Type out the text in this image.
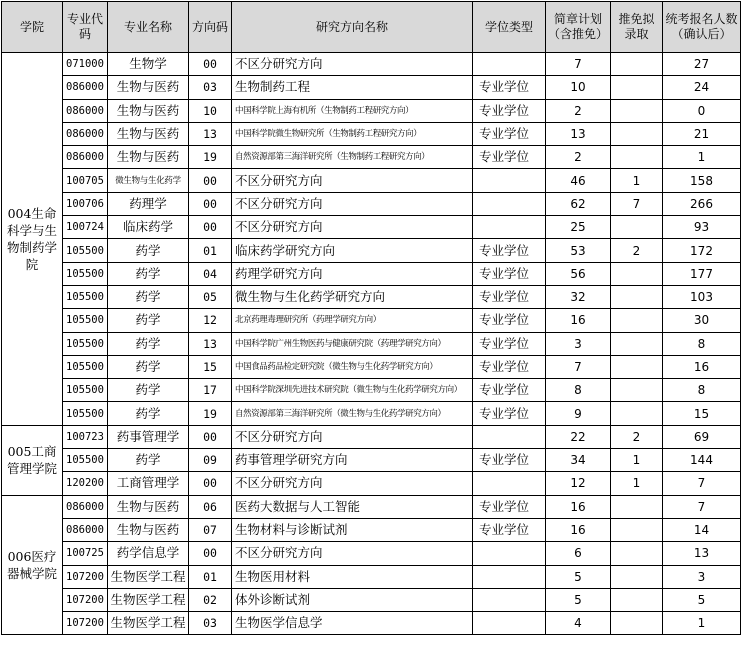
学院	专业代码	专业名称	方向码	研究方向名称	学位类型	简章计划（含推免）	推免拟录取	统考报名人数（确认后）
004生命科学与生物制药学院	071000	生物学	00	不区分研究方向		7		27
	086000	生物与医药	03	生物制药工程	专业学位	10		24
	086000	生物与医药	10	中国科学院上海有机所（生物制药工程研究方向）	专业学位	2		0
	086000	生物与医药	13	中国科学院微生物研究所（生物制药工程研究方向）	专业学位	13		21
	086000	生物与医药	19	自然资源部第三海洋研究所（生物制药工程研究方向）	专业学位	2		1
	100705	微生物与生化药学	00	不区分研究方向		46	1	158
	100706	药理学	00	不区分研究方向		62	7	266
	100724	临床药学	00	不区分研究方向		25		93
	105500	药学	01	临床药学研究方向	专业学位	53	2	172
	105500	药学	04	药理学研究方向	专业学位	56		177
	105500	药学	05	微生物与生化药学研究方向	专业学位	32		103
	105500	药学	12	北京药理毒理研究所（药理学研究方向）	专业学位	16		30
	105500	药学	13	中国科学院广州生物医药与健康研究院（药理学研究方向）	专业学位	3		8
	105500	药学	15	中国食品药品检定研究院（微生物与生化药学研究方向）	专业学位	7		16
	105500	药学	17	中国科学院深圳先进技术研究院（微生物与生化药学研究方向）	专业学位	8		8
	105500	药学	19	自然资源部第三海洋研究所（微生物与生化药学研究方向）	专业学位	9		15
005工商管理学院	100723	药事管理学	00	不区分研究方向		22	2	69
	105500	药学	09	药事管理学研究方向	专业学位	34	1	144
	120200	工商管理学	00	不区分研究方向		12	1	7
006医疗器械学院	086000	生物与医药	06	医药大数据与人工智能	专业学位	16		7
	086000	生物与医药	07	生物材料与诊断试剂	专业学位	16		14
	100725	药学信息学	00	不区分研究方向		6		13
	107200	生物医学工程	01	生物医用材料		5		3
	107200	生物医学工程	02	体外诊断试剂		5		5
	107200	生物医学工程	03	生物医学信息学		4		1
